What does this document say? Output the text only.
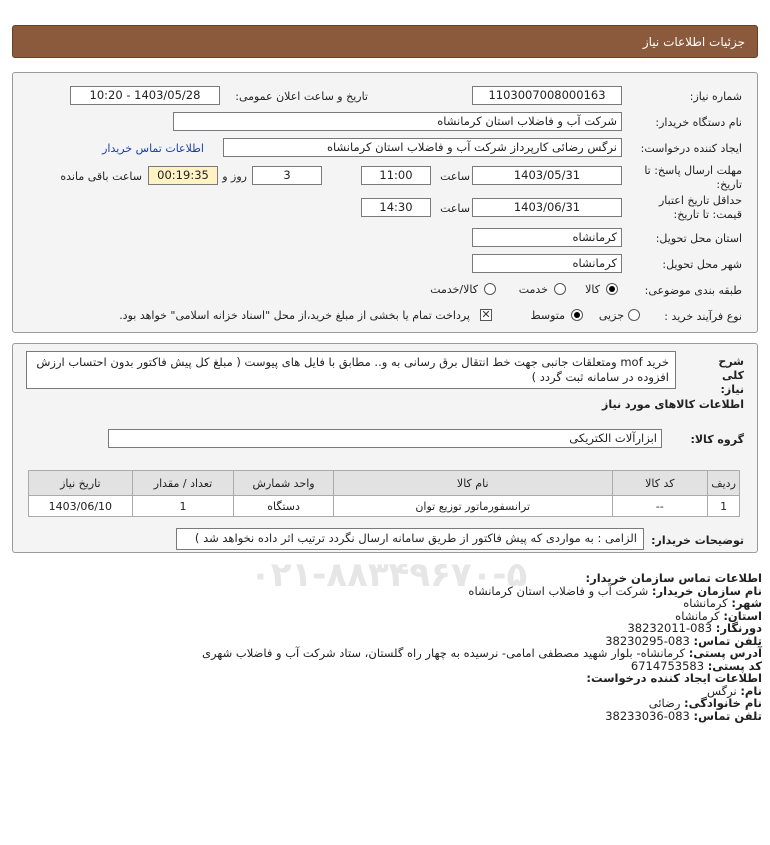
جزئیات اطلاعات نیاز
۰۲۱-۸۸۳۴۹۶۷۰-۵
شماره نیاز:
1103007008000163
تاریخ و ساعت اعلان عمومی:
1403/05/28 - 10:20
نام دستگاه خریدار:
شرکت آب و فاضلاب استان کرمانشاه
ایجاد کننده درخواست:
نرگس رضائی کارپرداز شرکت آب و فاضلاب استان کرمانشاه
اطلاعات تماس خریدار
مهلت ارسال پاسخ: تا
تاریخ:
1403/05/31
ساعت
11:00
3
روز و
00:19:35
ساعت باقی مانده
حداقل تاریخ اعتبار
قیمت: تا تاریخ:
1403/06/31
ساعت
14:30
استان محل تحویل:
کرمانشاه
شهر محل تحویل:
کرمانشاه
طبقه بندی موضوعی:
کالا
خدمت
کالا/خدمت
نوع فرآیند خرید :
جزیی
متوسط
✕
پرداخت تمام یا بخشی از مبلغ خرید،از محل "اسناد خزانه اسلامی" خواهد بود.
شرح کلی نیاز:
خرید mof ومتعلقات جانبی جهت خط انتقال برق رسانی به و.. مطابق با فایل های پیوست ( مبلغ کل پیش فاکتور بدون احتساب ارزش افزوده در سامانه ثبت گردد )
اطلاعات کالاهای مورد نیاز
گروه کالا:
ابزارآلات الکتریکی
ردیف	کد کالا	نام کالا	واحد شمارش	تعداد / مقدار	تاریخ نیاز
1	--	ترانسفورماتور توزیع توان	دستگاه	1	1403/06/10
توضیحات خریدار:
الزامی : به مواردی که پیش فاکتور از طریق سامانه ارسال نگردد ترتیب اثر داده نخواهد شد )
اطلاعات تماس سازمان خریدار:
نام سازمان خریدار: شرکت آب و فاضلاب استان کرمانشاه
شهر: کرمانشاه
استان: کرمانشاه
دورنگار: 083-38232011
تلفن تماس: 083-38230295
آدرس پستی: کرمانشاه- بلوار شهید مصطفی امامی- نرسیده به چهار راه گلستان، ستاد شرکت آب و فاضلاب شهری
کد پستی: 6714753583
اطلاعات ایجاد کننده درخواست:
نام: نرگس
نام خانوادگی: رضائی
تلفن تماس: 083-38233036
